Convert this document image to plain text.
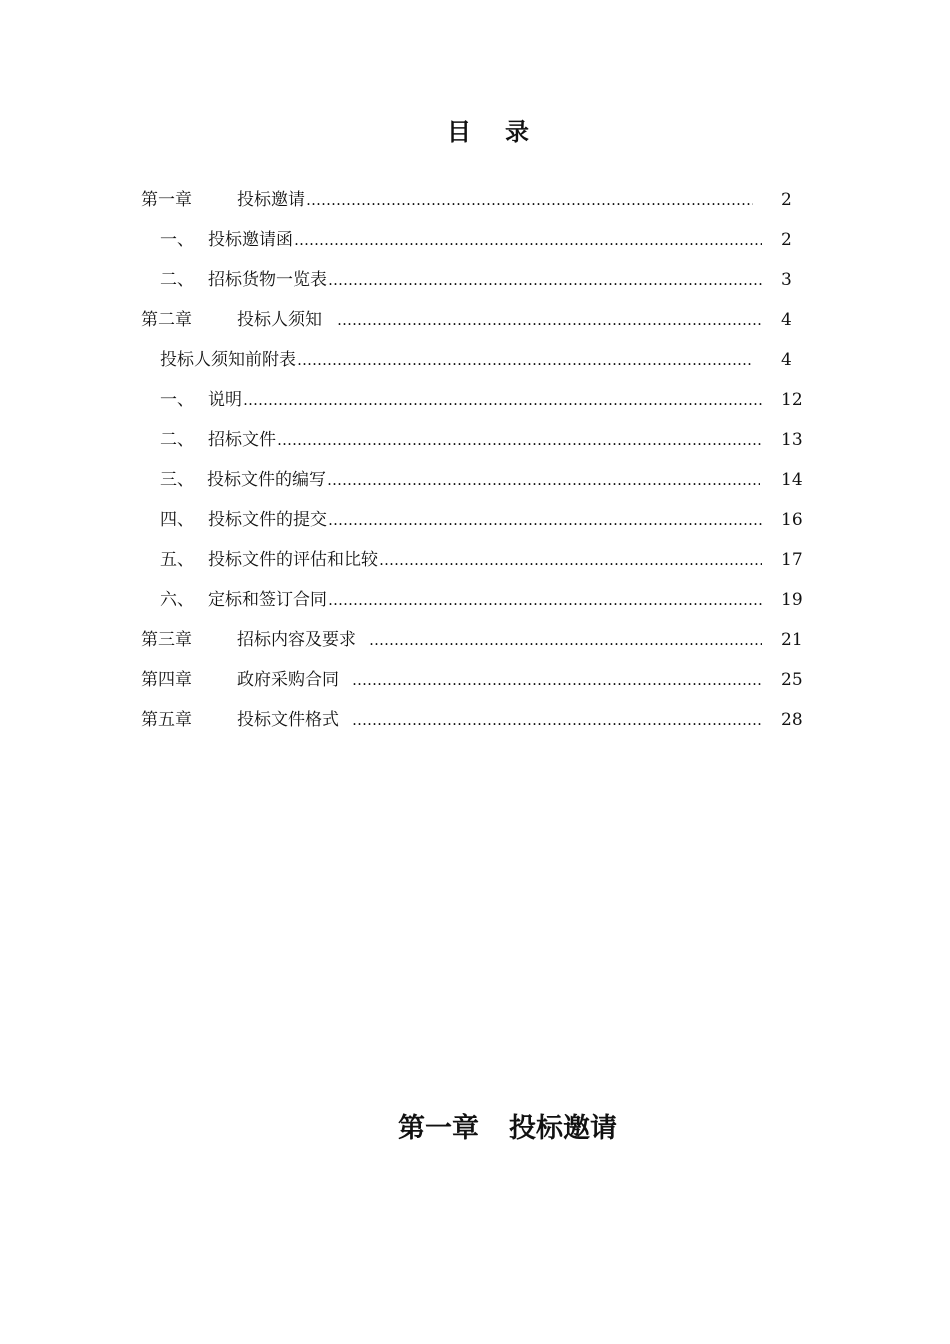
目录
第一章	投标邀请 …………………………………………………………………………………………………………………………………………	2
一、 投标邀请函 …………………………………………………………………………………………………………………………………………	2
二、 招标货物一览表 …………………………………………………………………………………………………………………………………………	3
第二章	投标人须知 …………………………………………………………………………………………………………………………………………	4
投标人须知前附表 …………………………………………………………………………………………………………………………………………	4
一、 说明 …………………………………………………………………………………………………………………………………………	12
二、 招标文件 …………………………………………………………………………………………………………………………………………	13
三、 投标文件的编写 …………………………………………………………………………………………………………………………………………	14
四、 投标文件的提交 …………………………………………………………………………………………………………………………………………	16
五、 投标文件的评估和比较 …………………………………………………………………………………………………………………………………………	17
六、 定标和签订合同 …………………………………………………………………………………………………………………………………………	19
第三章	招标内容及要求 …………………………………………………………………………………………………………………………………………	21
第四章	政府采购合同 …………………………………………………………………………………………………………………………………………	25
第五章	投标文件格式 …………………………………………………………………………………………………………………………………………	28
第一章 投标邀请
